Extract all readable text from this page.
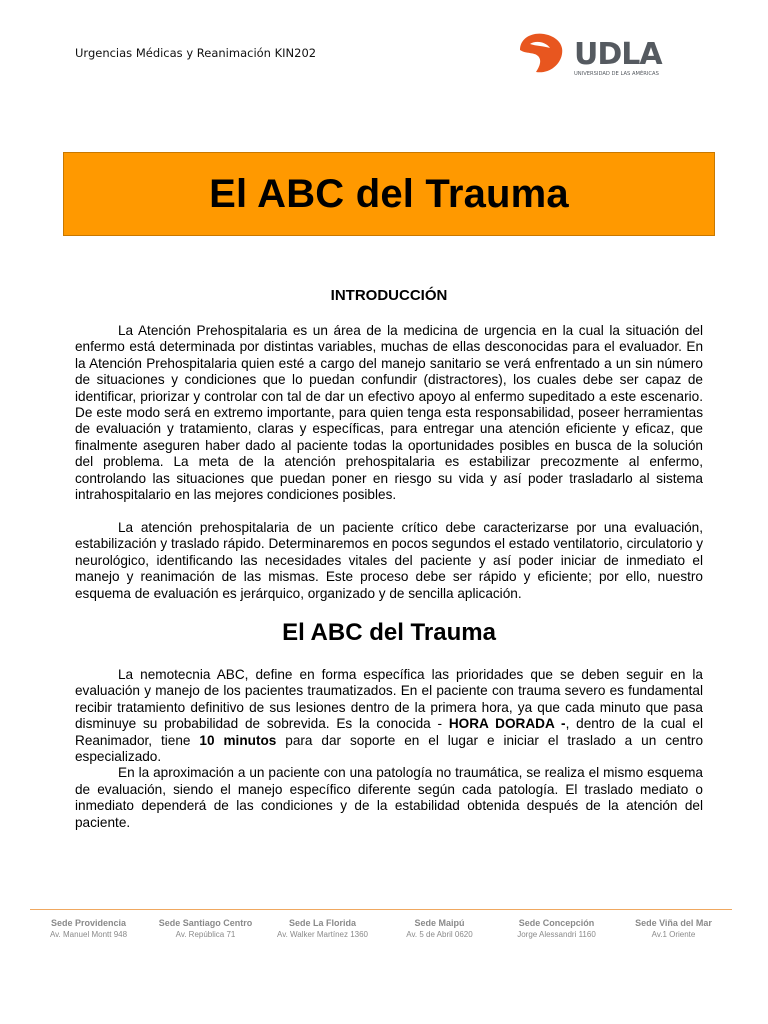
Urgencias Médicas y Reanimación KIN202	UDLA
UNIVERSIDAD DE LAS AMÉRICAS
El ABC del Trauma
INTRODUCCIÓN

La Atención Prehospitalaria es un área de la medicina de urgencia en la cual la situación del enfermo está determinada por distintas variables, muchas de ellas desconocidas para el evaluador. En la Atención Prehospitalaria quien esté a cargo del manejo sanitario se verá enfrentado a un sin número de situaciones y condiciones que lo puedan confundir (distractores), los cuales debe ser capaz de identificar, priorizar y controlar con tal de dar un efectivo apoyo al enfermo supeditado a este escenario. De este modo será en extremo importante, para quien tenga esta responsabilidad, poseer herramientas de evaluación y tratamiento, claras y específicas, para entregar una atención eficiente y eficaz, que finalmente aseguren haber dado al paciente todas la oportunidades posibles en busca de la solución del problema. La meta de la atención prehospitalaria es estabilizar precozmente al enfermo, controlando las situaciones que puedan poner en riesgo su vida y así poder trasladarlo al sistema intrahospitalario en las mejores condiciones posibles.

La atención prehospitalaria de un paciente crítico debe caracterizarse por una evaluación, estabilización y traslado rápido. Determinaremos en pocos segundos el estado ventilatorio, circulatorio y neurológico, identificando las necesidades vitales del paciente y así poder iniciar de inmediato el manejo y reanimación de las mismas. Este proceso debe ser rápido y eficiente; por ello, nuestro esquema de evaluación es jerárquico, organizado y de sencilla aplicación.

El ABC del Trauma

La nemotecnia ABC, define en forma específica las prioridades que se deben seguir en la evaluación y manejo de los pacientes traumatizados. En el paciente con trauma severo es fundamental recibir tratamiento definitivo de sus lesiones dentro de la primera hora, ya que cada minuto que pasa disminuye su probabilidad de sobrevida. Es la conocida - HORA DORADA -, dentro de la cual el Reanimador, tiene 10 minutos para dar soporte en el lugar e iniciar el traslado a un centro especializado.

En la aproximación a un paciente con una patología no traumática, se realiza el mismo esquema de evaluación, siendo el manejo específico diferente según cada patología. El traslado mediato o inmediato dependerá de las condiciones y de la estabilidad obtenida después de la atención del paciente.

Sede Providencia
Av. Manuel Montt 948
Sede Santiago Centro
Av. República 71
Sede La Florida
Av. Walker Martínez 1360
Sede Maipú
Av. 5 de Abril 0620
Sede Concepción
Jorge Alessandri 1160
Sede Viña del Mar
Av.1 Oriente
